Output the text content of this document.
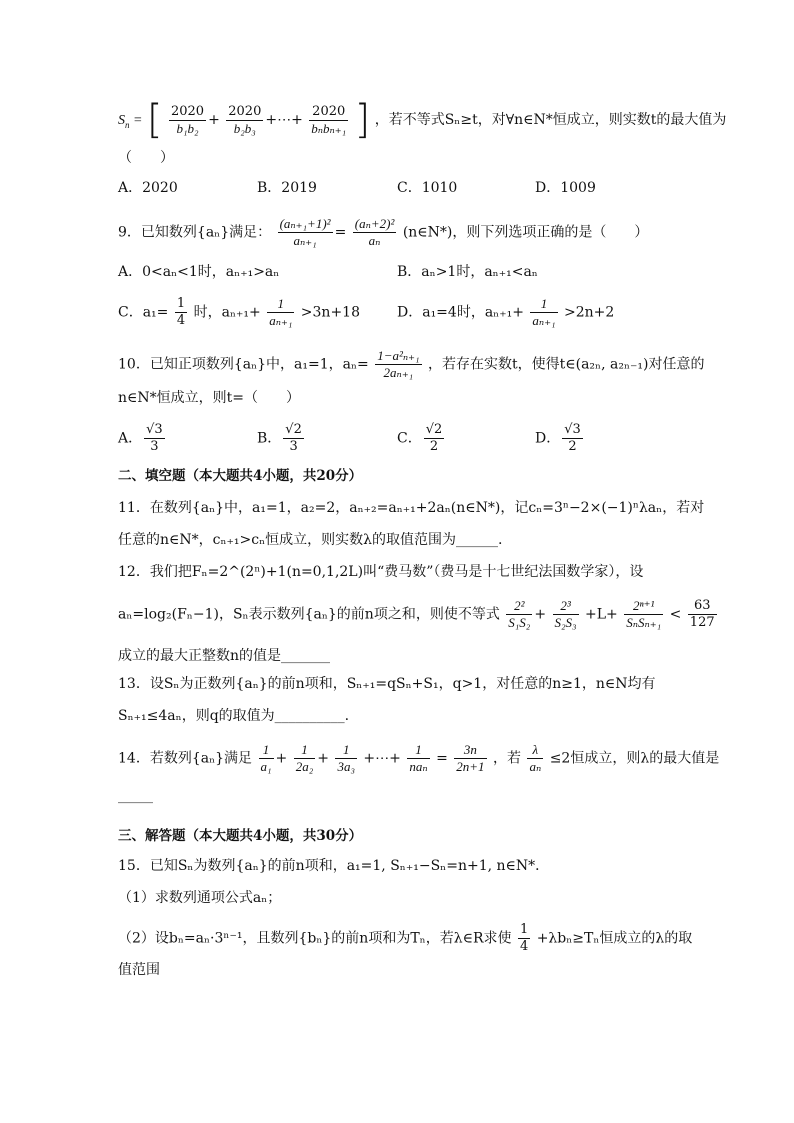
$S_n$ = [ $\frac{2020}{\text{b₁b₂}} + \frac{2020}{\text{b₂b₃}}$ +⋯+ $\frac{2020}{\text{bₙbₙ₊₁}}$ ] ，若不等式Sₙ≥t，对∀n∈N*恒成立，则实数t的最大值为
（　　）
A．2020	B．2019	C．1010	D．1009
9．已知数列{aₙ}满足： $\frac{\text{(aₙ₊₁+1)²}}{\text{aₙ₊₁}} = \frac{\text{(aₙ+2)²}}{\text{aₙ}}$ (n∈N*)，则下列选项正确的是（　　）
A．0<aₙ<1时，aₙ₊₁>aₙ	B．aₙ>1时，aₙ₊₁<aₙ
C．$a_1= \frac{1}{4}$ 时，$a_{n+1}+ \frac{1}{\text{aₙ₊₁}} >3n+18$	D．a₁=4时，$a_{n+1}+ \frac{1}{\text{aₙ₊₁}} >2n+2$
10．已知正项数列{aₙ}中，a₁=1，$a_n= \frac{\text{1−a²ₙ₊₁}}{\text{2aₙ₊₁}}$ ，若存在实数t，使得t∈(a₂ₙ, a₂ₙ₋₁)对任意的
n∈N*恒成立，则t=（　　）
A． $\frac{√3}{3}$	B． $\frac{√2}{3}$	C． $\frac{√2}{2}$	D． $\frac{√3}{2}$
二、填空题（本大题共4小题，共20分）
11．在数列{aₙ}中，a₁=1，a₂=2，aₙ₊₂=aₙ₊₁+2aₙ(n∈N*)，记cₙ=3ⁿ−2×(−1)ⁿλaₙ，若对
任意的n∈N*，cₙ₊₁>cₙ恒成立，则实数λ的取值范围为______.
12．我们把Fₙ=2^(2ⁿ)+1(n=0,1,2L)叫“费马数”（费马是十七世纪法国数学家），设
aₙ=log₂(Fₙ−1)，Sₙ表示数列{aₙ}的前n项之和，则使不等式 $\frac{\text{2²}}{\text{S₁S₂}} + \frac{\text{2³}}{\text{S₂S₃}} +L+ \frac{\text{2ⁿ⁺¹}}{\text{SₙSₙ₊₁}} < \frac{63}{127}$
成立的最大正整数n的值是_______
13．设Sₙ为正数列{aₙ}的前n项和，Sₙ₊₁=qSₙ+S₁，q>1，对任意的n≥1，n∈N均有
Sₙ₊₁≤4aₙ，则q的取值为__________.
14．若数列{aₙ}满足 $\frac{1}{\text{a₁}} + \frac{1}{\text{2a₂}} + \frac{1}{\text{3a₃}}$ +⋯+ $\frac{1}{\text{naₙ}} = \frac{3n}{2n+1}$ ，若 $\frac{\lambda}{\text{aₙ}} \le 2$恒成立，则λ的最大值是
_____
三、解答题（本大题共4小题，共30分）
15．已知Sₙ为数列{aₙ}的前n项和，a₁=1, Sₙ₊₁−Sₙ=n+1, n∈N*．
（1）求数列通项公式aₙ；
（2）设bₙ=aₙ·3ⁿ⁻¹，且数列{bₙ}的前n项和为Tₙ，若λ∈R求使 $\frac{1}{4} +\lambda b_n\ge T_n$恒成立的λ的取
值范围
